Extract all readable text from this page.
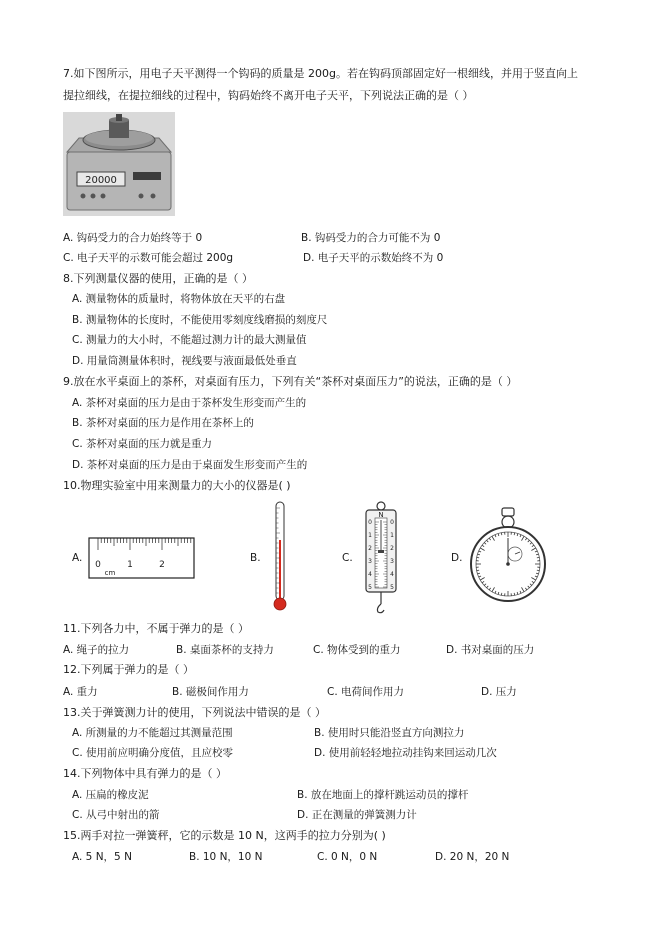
7.如下图所示，用电子天平测得一个钩码的质量是 200g。若在钩码顶部固定好一根细线，并用于竖直向上
提拉细线，在提拉细线的过程中，钩码始终不离开电子天平，下列说法正确的是（ ）
20000
A. 钩码受力的合力始终等于 0	B. 钩码受力的合力可能不为 0
C. 电子天平的示数可能会超过 200g	D. 电子天平的示数始终不为 0
8.下列测量仪器的使用，正确的是（ ）
A. 测量物体的质量时，将物体放在天平的右盘
B. 测量物体的长度时，不能使用零刻度线磨损的刻度尺
C. 测量力的大小时，不能超过测力计的最大测量值
D. 用量筒测量体积时，视线要与液面最低处垂直
9.放在水平桌面上的茶杯，对桌面有压力，下列有关“茶杯对桌面压力”的说法，正确的是（ ）
A. 茶杯对桌面的压力是由于茶杯发生形变而产生的
B. 茶杯对桌面的压力是作用在茶杯上的
C. 茶杯对桌面的压力就是重力
D. 茶杯对桌面的压力是由于桌面发生形变而产生的
10.物理实验室中用来测量力的大小的仪器是( )
A.
0	1	2
cm
B.	C.
N
0
1
2
3
4
5
0
1
2
3
4
5
D.
11.下列各力中，不属于弹力的是（ ）
A. 绳子的拉力	B. 桌面茶杯的支持力	C. 物体受到的重力	D. 书对桌面的压力
12.下列属于弹力的是（ ）
A. 重力	B. 磁极间作用力	C. 电荷间作用力	D. 压力
13.关于弹簧测力计的使用，下列说法中错误的是（ ）
A. 所测量的力不能超过其测量范围	B. 使用时只能沿竖直方向测拉力
C. 使用前应明确分度值，且应校零	D. 使用前轻轻地拉动挂钩来回运动几次
14.下列物体中具有弹力的是（ ）
A. 压扁的橡皮泥	B. 放在地面上的撑杆跳运动员的撑杆
C. 从弓中射出的箭	D. 正在测量的弹簧测力计
15.两手对拉一弹簧秤，它的示数是 10 N，这两手的拉力分别为( )
A. 5 N，5 N	B. 10 N，10 N	C. 0 N，0 N	D. 20 N，20 N
